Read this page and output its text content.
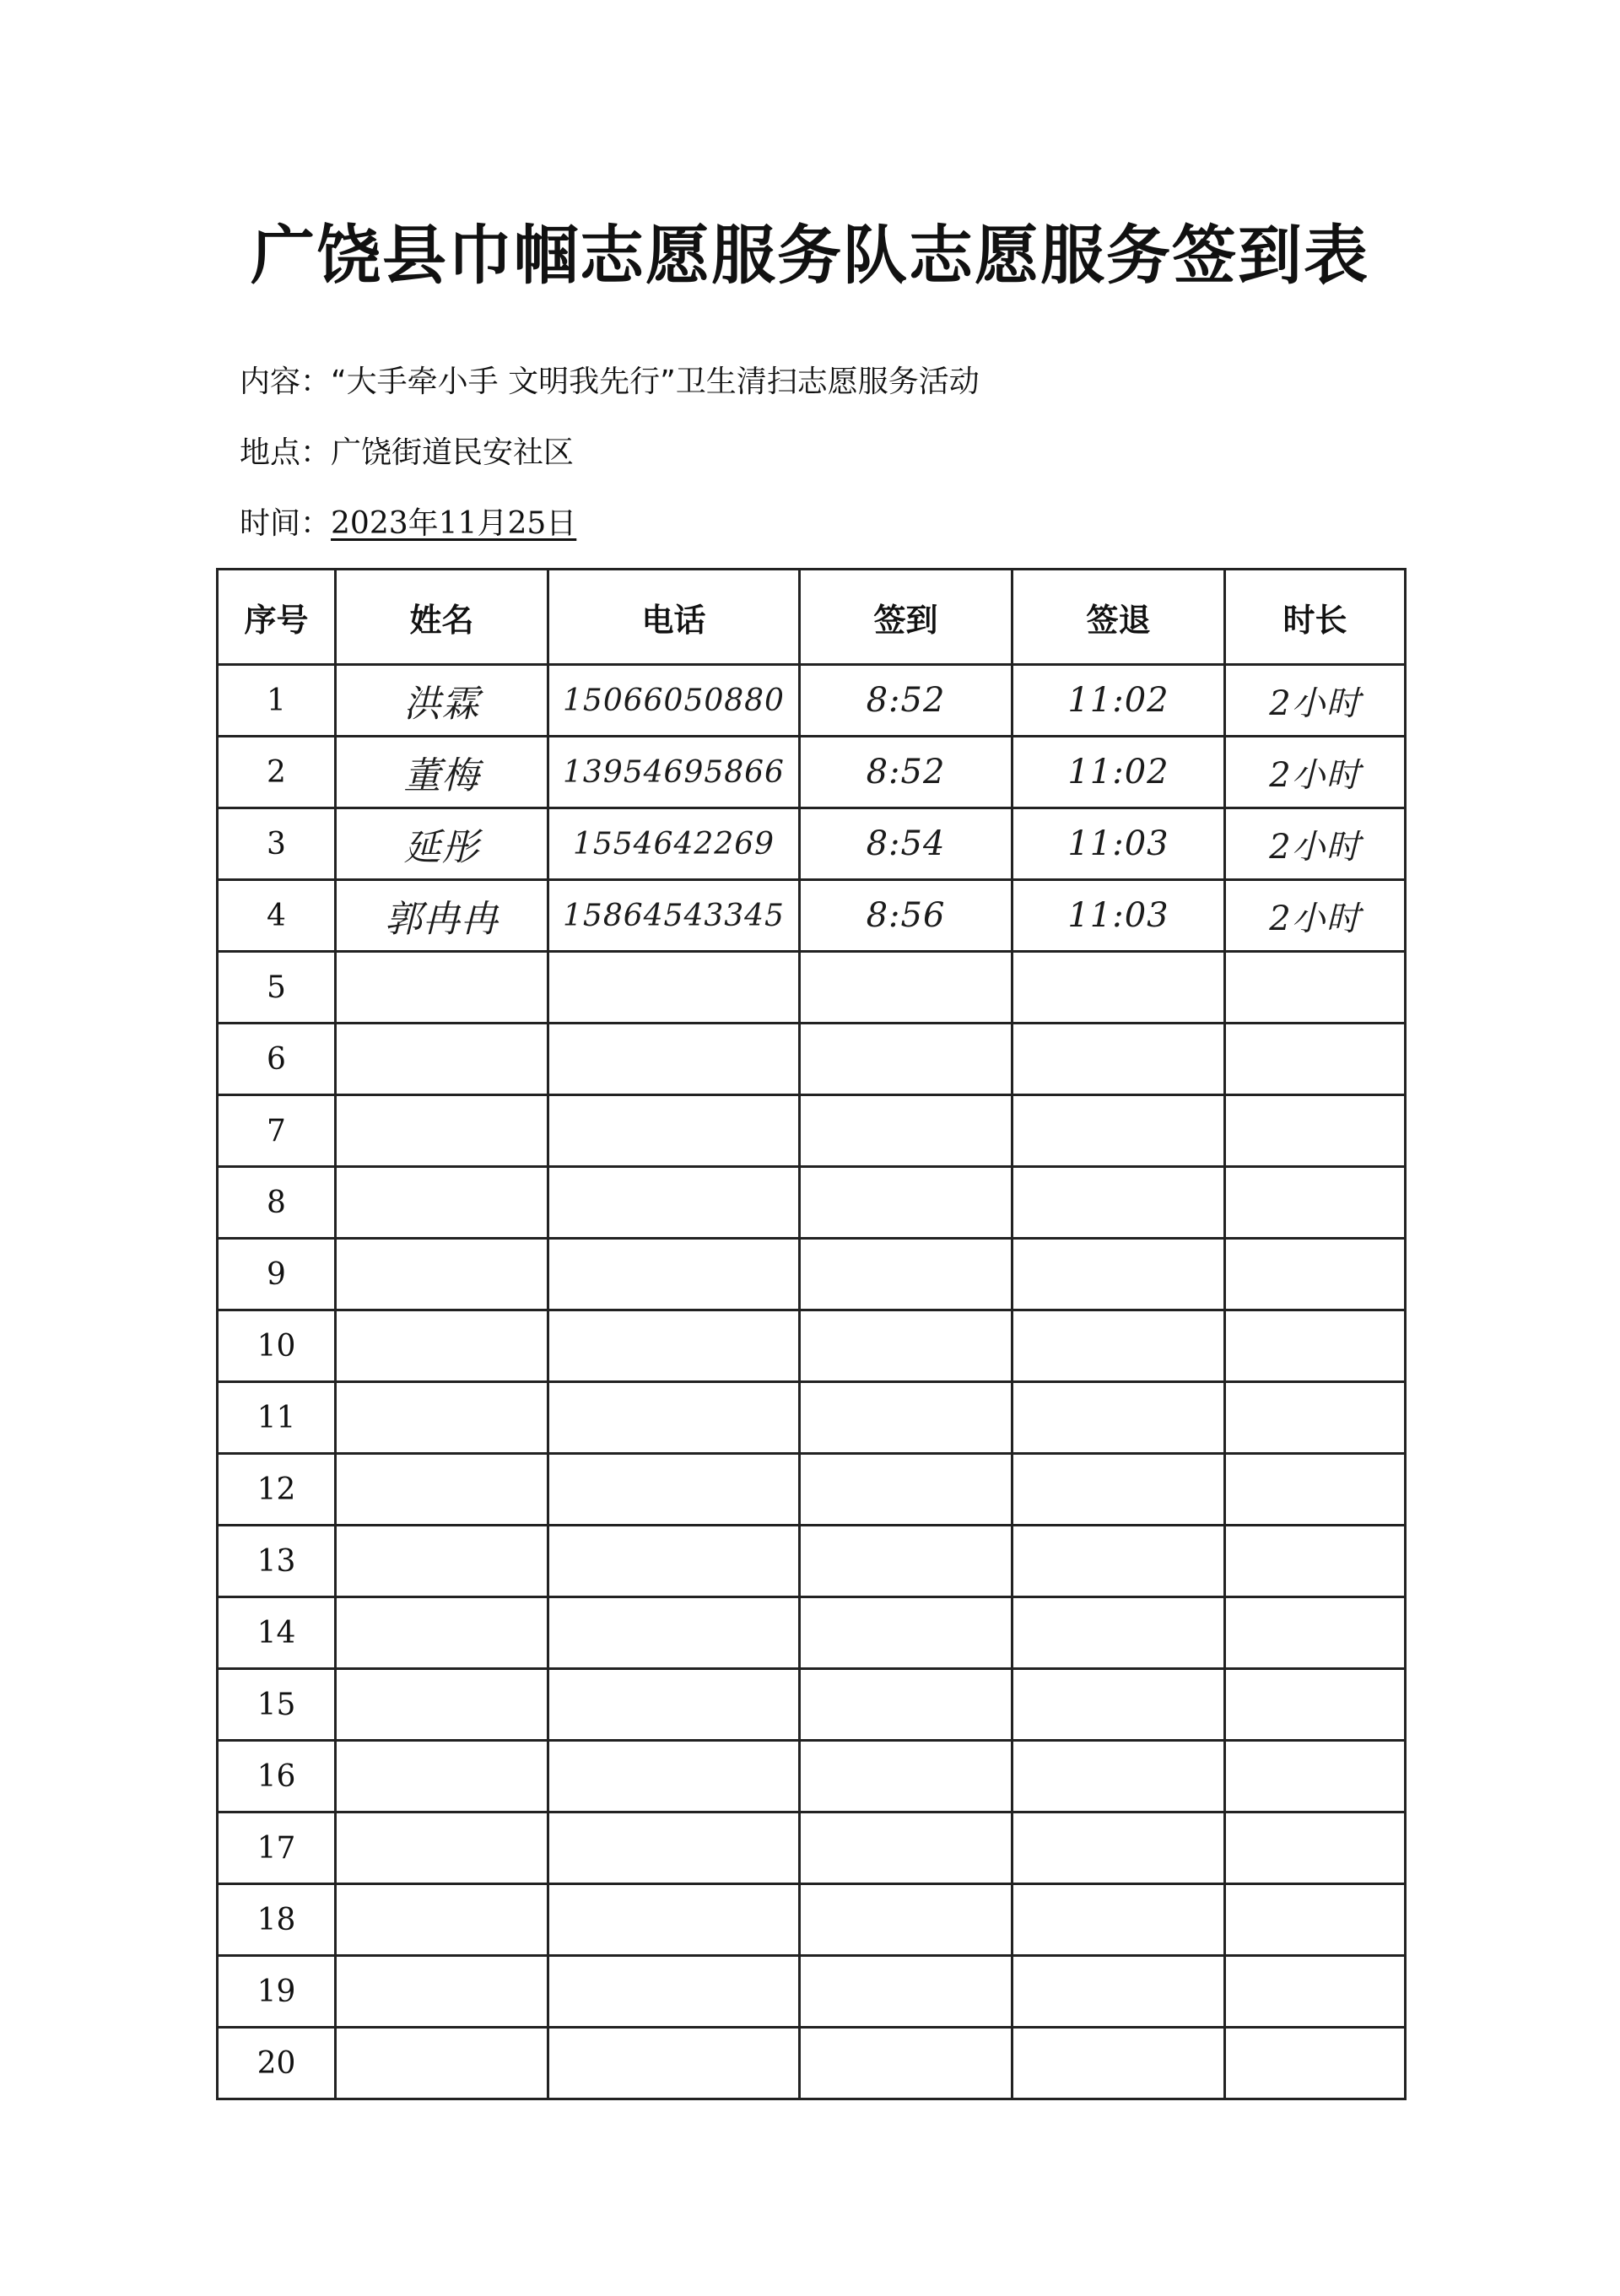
广饶县巾帼志愿服务队志愿服务签到表
内容：“大手牵小手 文明我先行”卫生清扫志愿服务活动
地点：广饶街道民安社区
时间：2023年11月25日
序号	姓名	电话	签到	签退	时长
1	洪霖	15066050880	8:52	11:02	2小时
2	董梅	13954695866	8:52	11:02	2小时
3	延彤	1554642269	8:54	11:03	2小时
4	郭冉冉	15864543345	8:56	11:03	2小时
5					
6					
7					
8					
9					
10					
11					
12					
13					
14					
15					
16					
17					
18					
19					
20					
